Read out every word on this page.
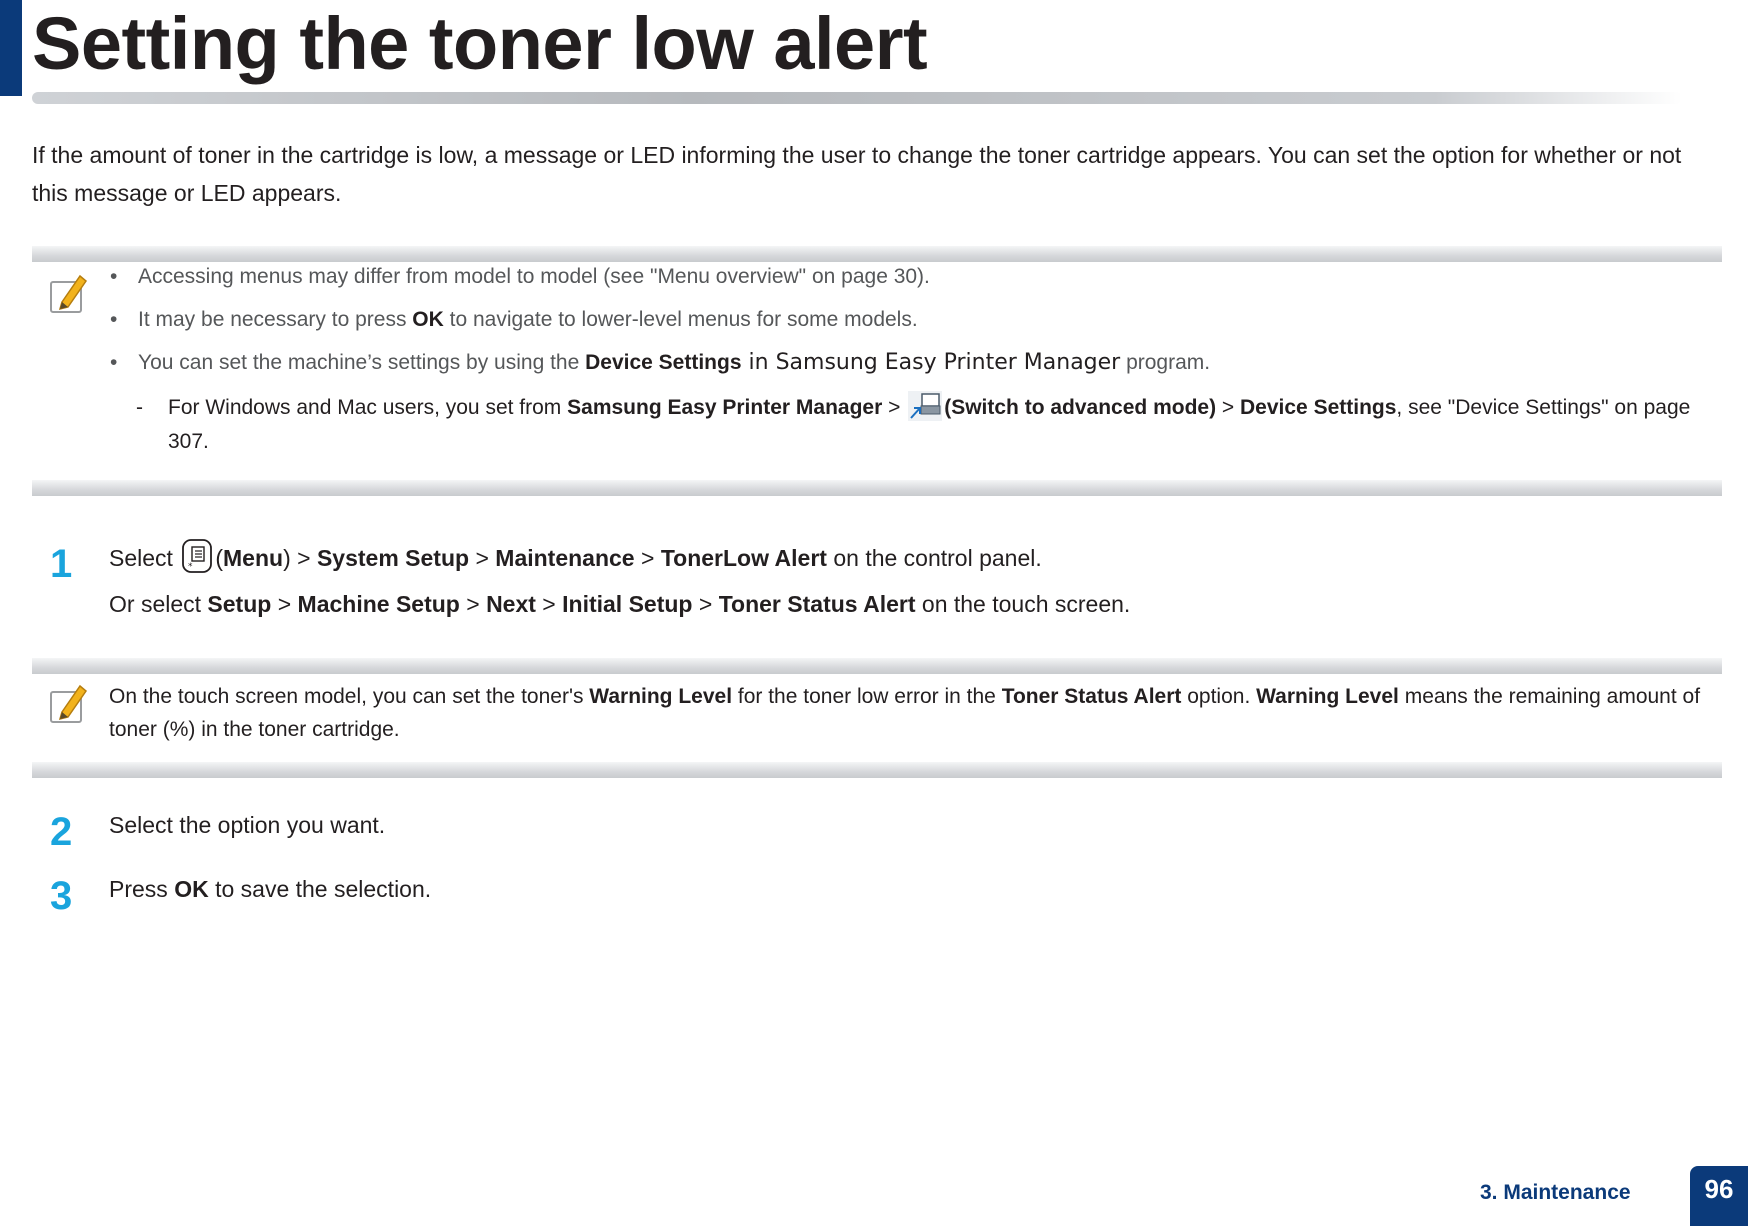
Setting the toner low alert

If the amount of toner in the cartridge is low, a message or LED informing the user to change the toner cartridge appears. You can set the option for whether or not this message or LED appears.

• Accessing menus may differ from model to model (see "Menu overview" on page 30).
• It may be necessary to press OK to navigate to lower-level menus for some models.
• You can set the machine’s settings by using the Device Settings in Samsung Easy Printer Manager program.
- For Windows and Mac users, you set from Samsung Easy Printer Manager > (Switch to advanced mode) > Device Settings, see "Device Settings" on page 307.
1 Select * (Menu) > System Setup > Maintenance > TonerLow Alert on the control panel.
Or select Setup > Machine Setup > Next > Initial Setup > Toner Status Alert on the touch screen.
On the touch screen model, you can set the toner's Warning Level for the toner low error in the Toner Status Alert option. Warning Level means the remaining amount of toner (%) in the toner cartridge.
2 Select the option you want.
3 Press OK to save the selection.
3. Maintenance	96
